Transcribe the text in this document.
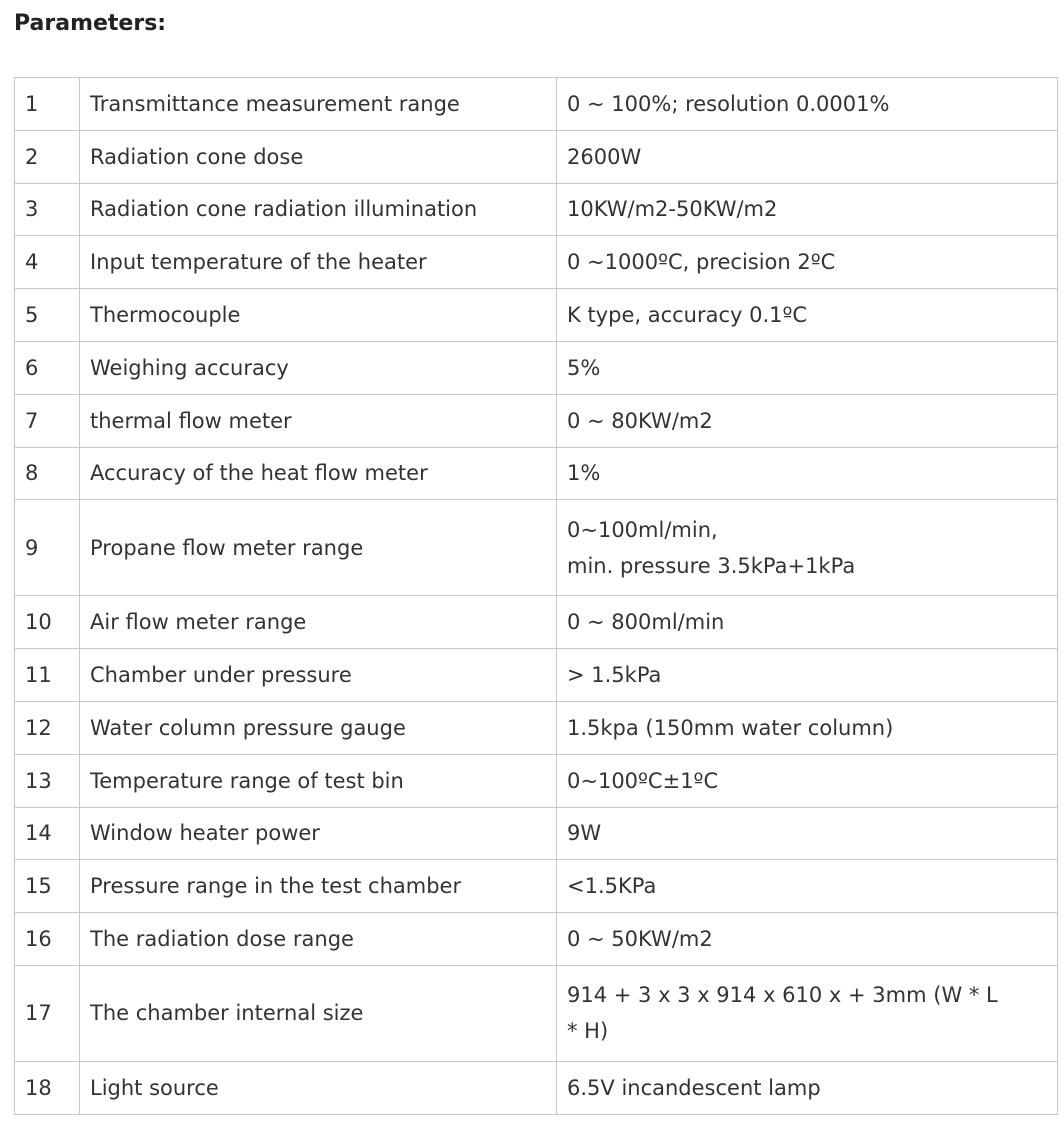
Parameters:
1	Transmittance measurement range	0 ~ 100%; resolution 0.0001%

2	Radiation cone dose	2600W

3	Radiation cone radiation illumination	10KW/m2-50KW/m2

4	Input temperature of the heater	0 ~1000ºC, precision 2ºC

5	Thermocouple	K type, accuracy 0.1ºC

6	Weighing accuracy	5%

7	thermal flow meter	0 ~ 80KW/m2

8	Accuracy of the heat flow meter	1%

9	Propane flow meter range	0~100ml/min,
min. pressure 3.5kPa+1kPa

10	Air flow meter range	0 ~ 800ml/min

11	Chamber under pressure	> 1.5kPa

12	Water column pressure gauge	1.5kpa (150mm water column)

13	Temperature range of test bin	0~100ºC±1ºC

14	Window heater power	9W

15	Pressure range in the test chamber	<1.5KPa

16	The radiation dose range	0 ~ 50KW/m2

17	The chamber internal size	914 + 3 x 3 x 914 x 610 x + 3mm (W * L
* H)

18	Light source	6.5V incandescent lamp
